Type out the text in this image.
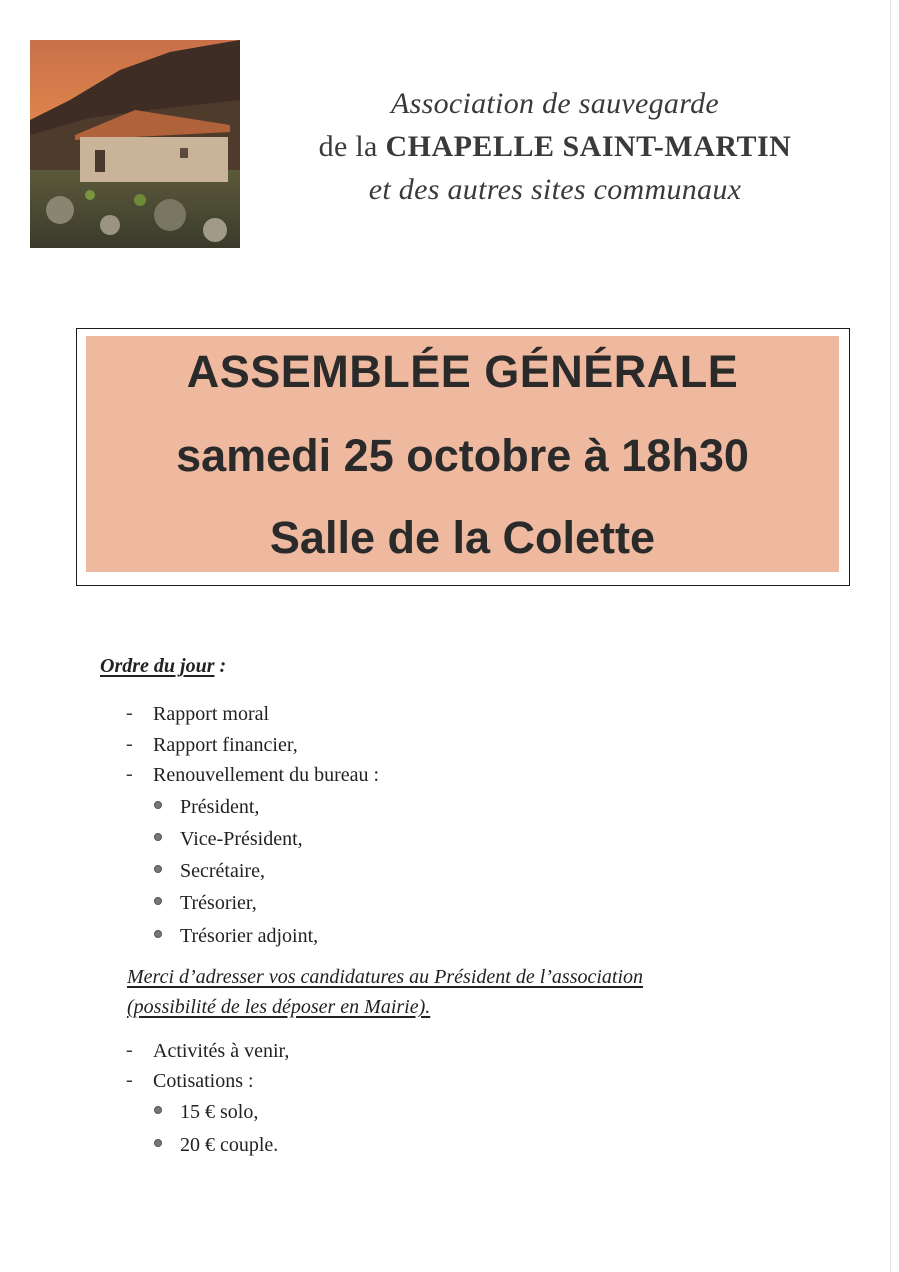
Association de sauvegarde
de la CHAPELLE SAINT-MARTIN
et des autres sites communaux
ASSEMBLÉE GÉNÉRALE
samedi 25 octobre à 18h30
Salle de la Colette
Ordre du jour :
- Rapport moral
- Rapport financier,
- Renouvellement du bureau :
Président,
Vice-Président,
Secrétaire,
Trésorier,
Trésorier adjoint,
Merci d’adresser vos candidatures au Président de l’association
(possibilité de les déposer en Mairie).
- Activités à venir,
- Cotisations :
15 € solo,
20 € couple.
